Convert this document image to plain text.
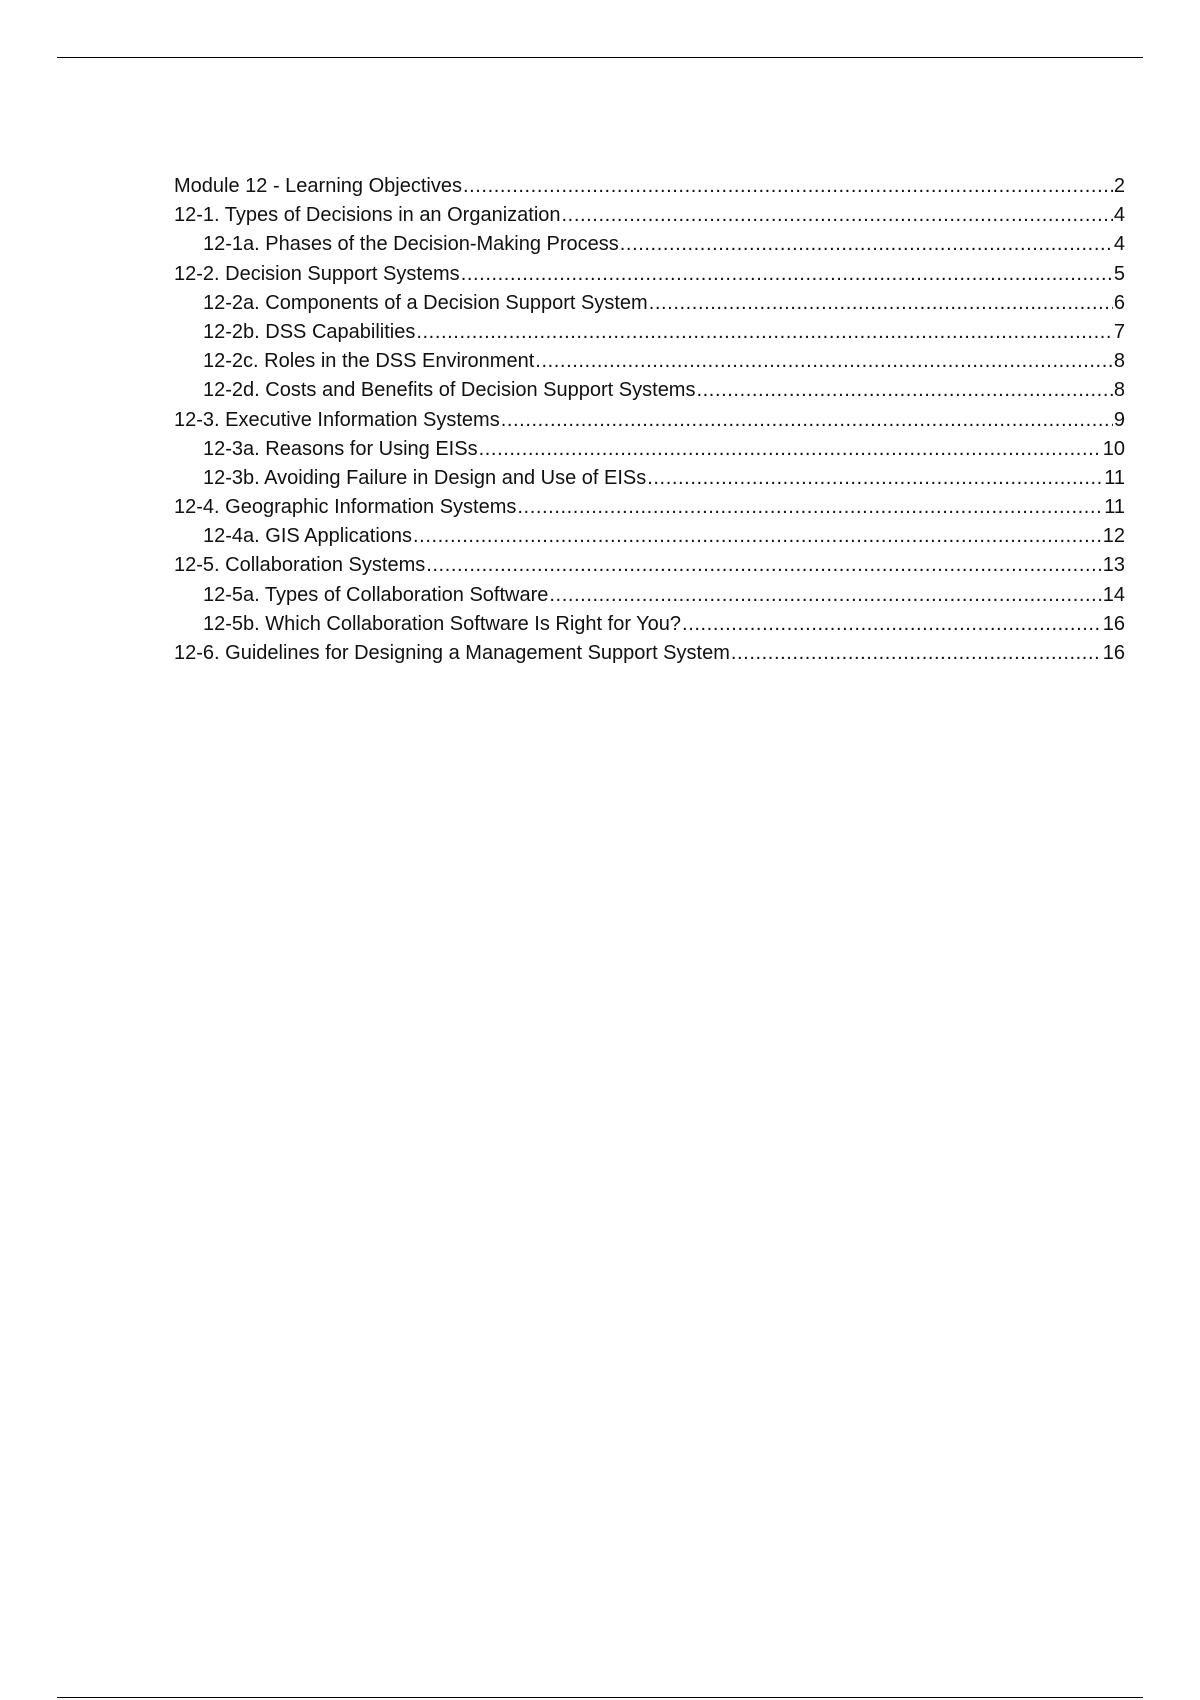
Module 12 - Learning Objectives .....	2
12-1. Types of Decisions in an Organization .....	4
12-1a. Phases of the Decision-Making Process .....	4
12-2. Decision Support Systems .....	5
12-2a. Components of a Decision Support System .....	6
12-2b. DSS Capabilities .....	7
12-2c. Roles in the DSS Environment .....	8
12-2d. Costs and Benefits of Decision Support Systems .....	8
12-3. Executive Information Systems .....	9
12-3a. Reasons for Using EISs .....	10
12-3b. Avoiding Failure in Design and Use of EISs .....	11
12-4. Geographic Information Systems .....	11
12-4a. GIS Applications .....	12
12-5. Collaboration Systems .....	13
12-5a. Types of Collaboration Software .....	14
12-5b. Which Collaboration Software Is Right for You? .....	16
12-6. Guidelines for Designing a Management Support System .....	16
